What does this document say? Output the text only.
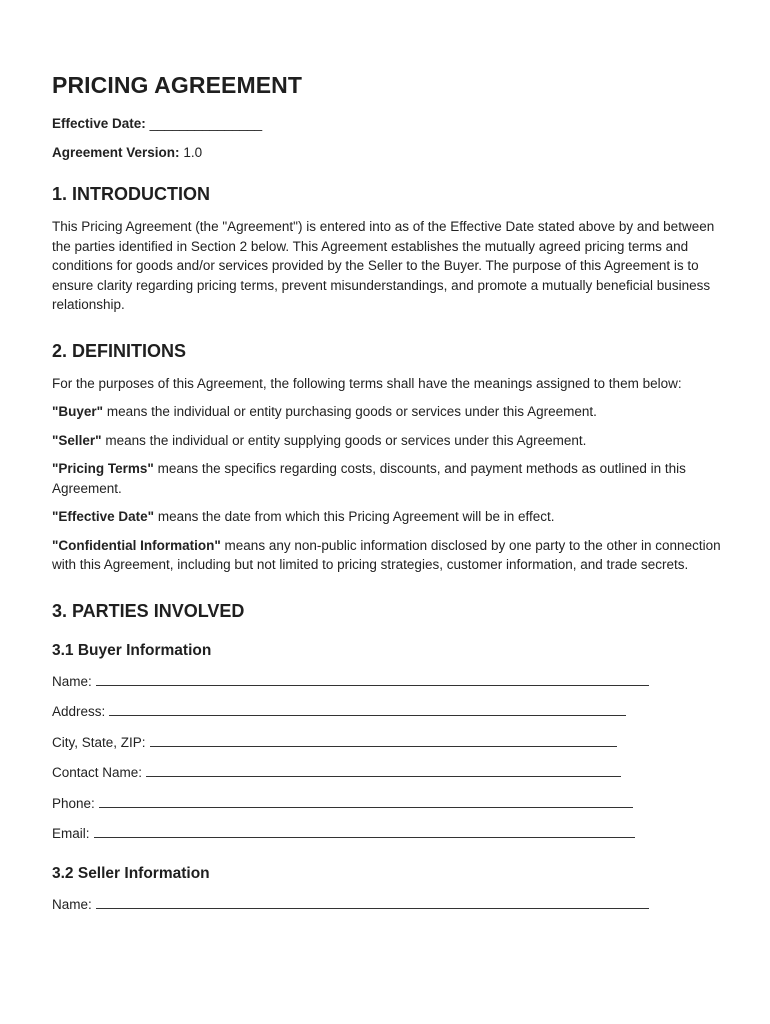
PRICING AGREEMENT
Effective Date: _______________
Agreement Version: 1.0
1. INTRODUCTION

This Pricing Agreement (the "Agreement") is entered into as of the Effective Date stated above by and between the parties identified in Section 2 below. This Agreement establishes the mutually agreed pricing terms and conditions for goods and/or services provided by the Seller to the Buyer. The purpose of this Agreement is to ensure clarity regarding pricing terms, prevent misunderstandings, and promote a mutually beneficial business relationship.

2. DEFINITIONS

For the purposes of this Agreement, the following terms shall have the meanings assigned to them below:

"Buyer" means the individual or entity purchasing goods or services under this Agreement.

"Seller" means the individual or entity supplying goods or services under this Agreement.

"Pricing Terms" means the specifics regarding costs, discounts, and payment methods as outlined in this Agreement.

"Effective Date" means the date from which this Pricing Agreement will be in effect.

"Confidential Information" means any non-public information disclosed by one party to the other in connection with this Agreement, including but not limited to pricing strategies, customer information, and trade secrets.

3. PARTIES INVOLVED
3.1 Buyer Information
Name:
Address:
City, State, ZIP:
Contact Name:
Phone:
Email:
3.2 Seller Information
Name:
